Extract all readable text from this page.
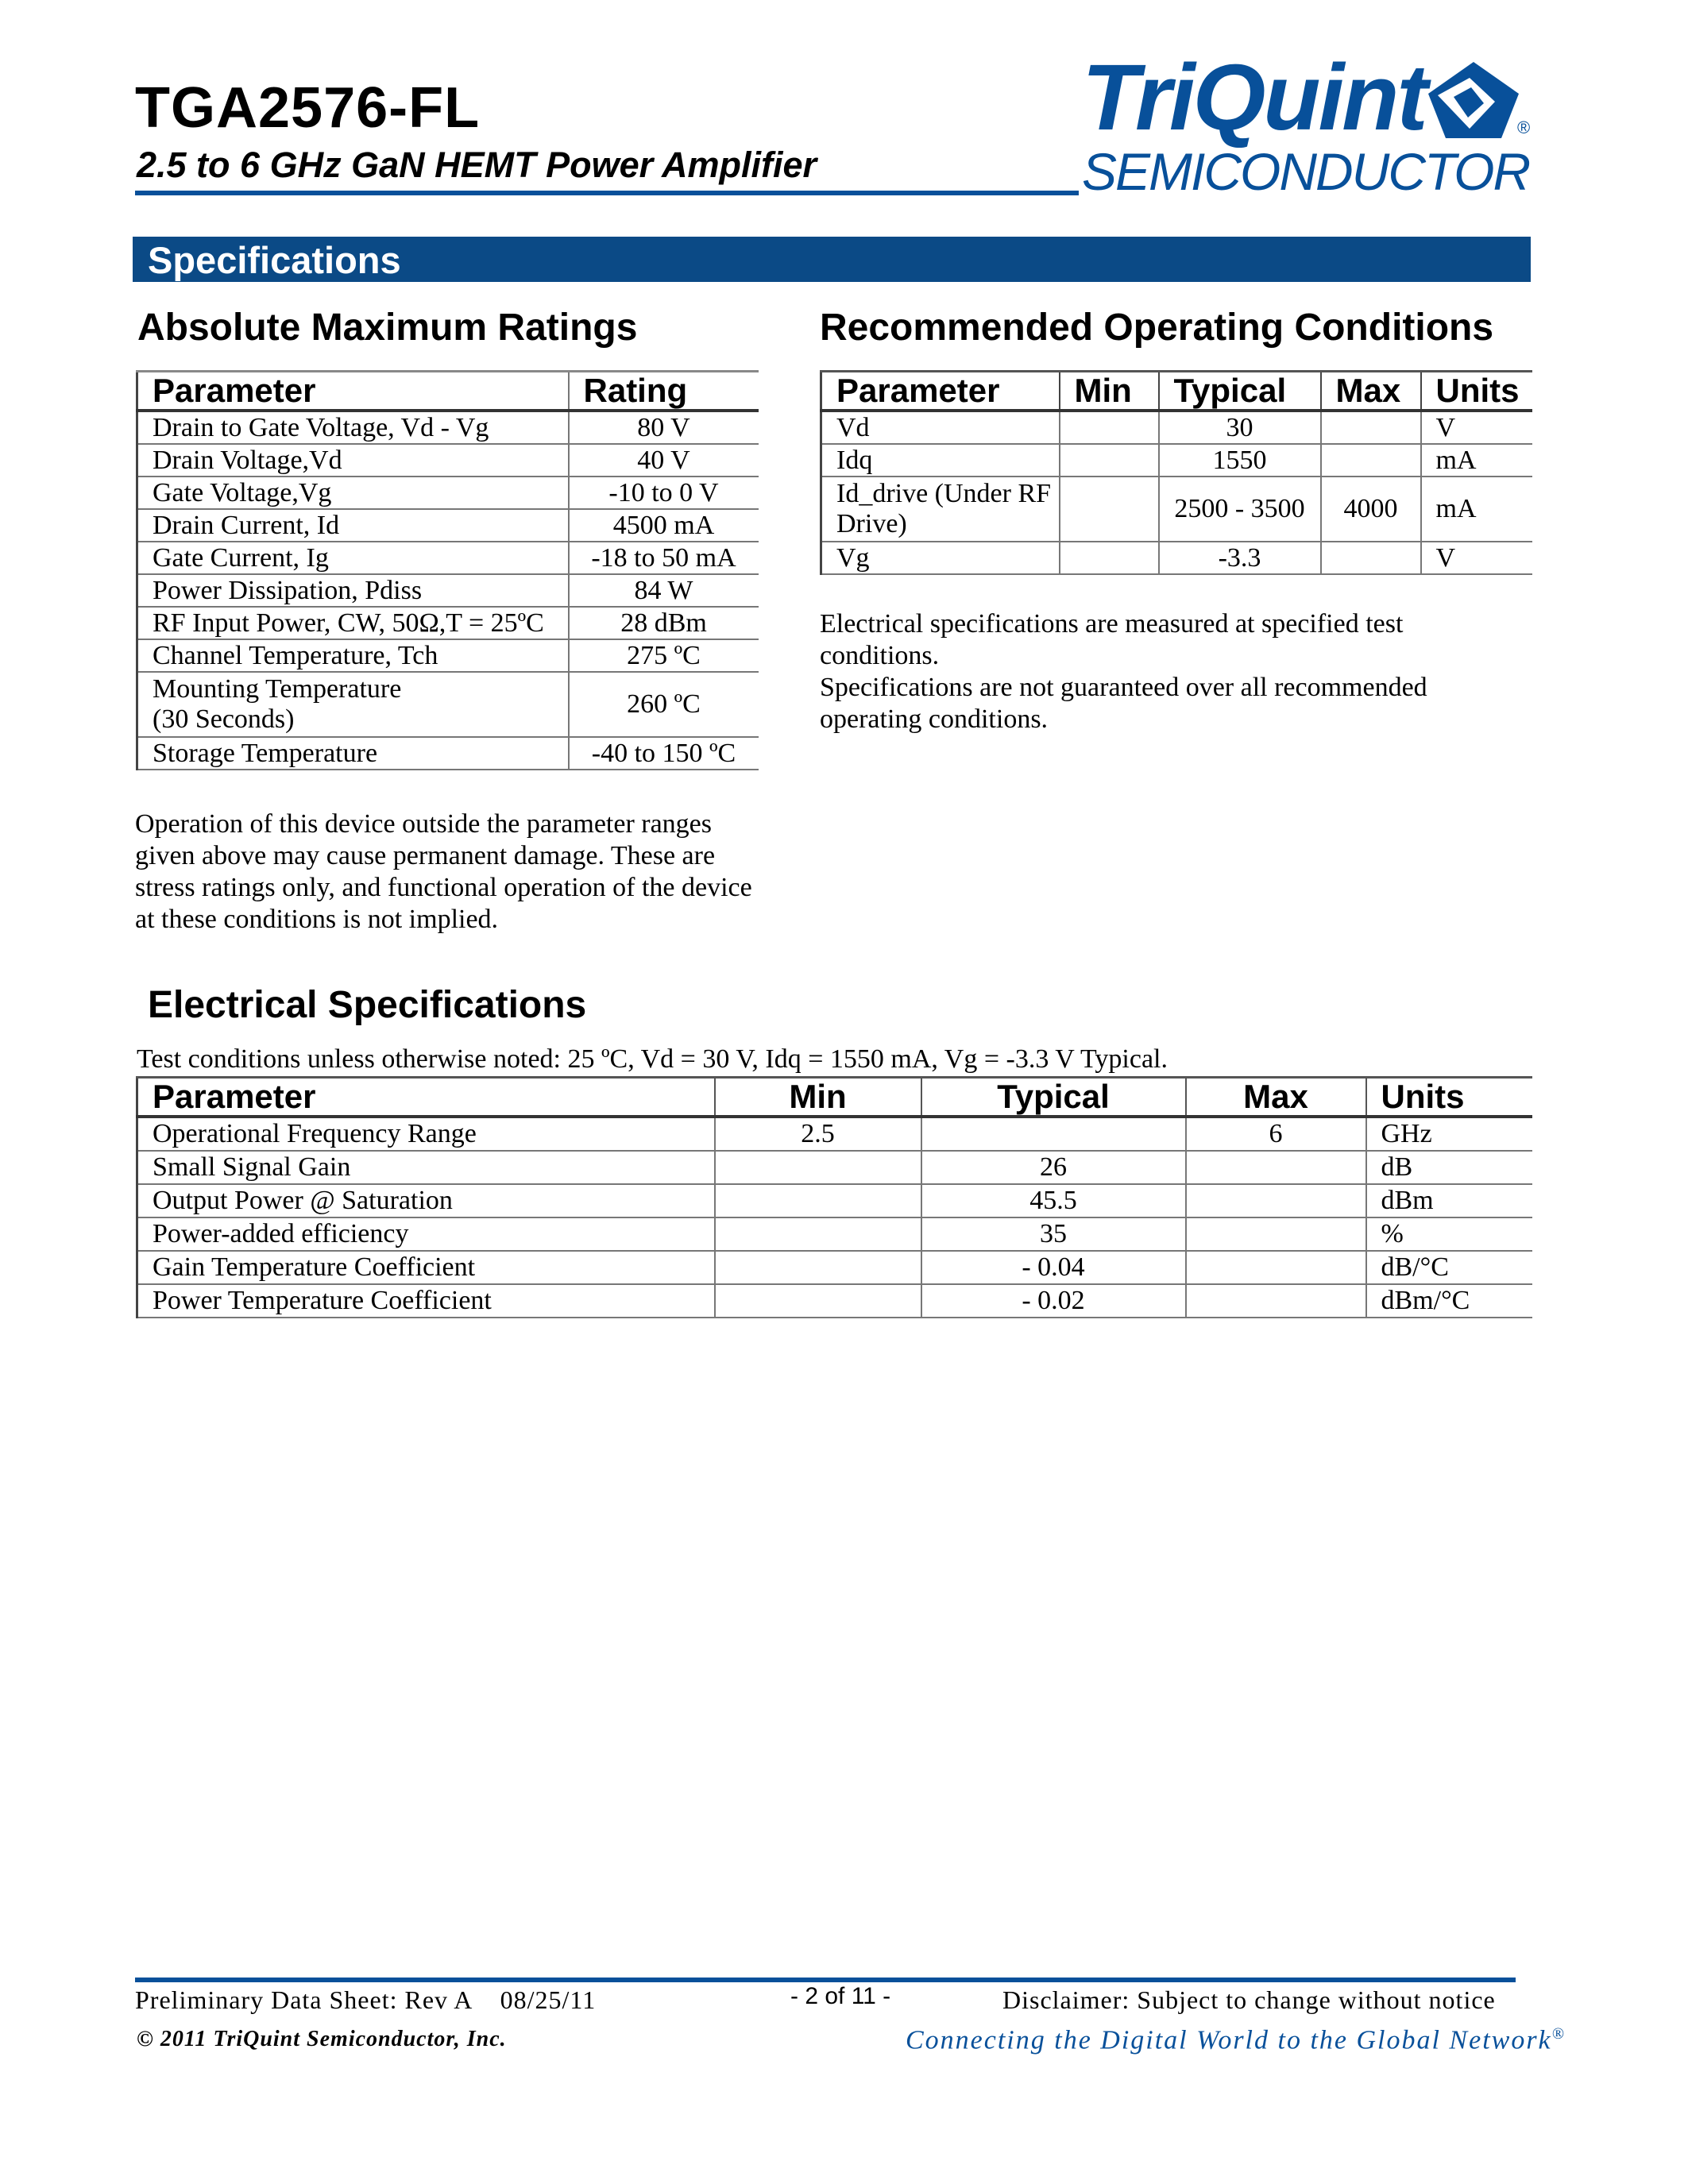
TGA2576-FL
2.5 to 6 GHz GaN HEMT Power Amplifier
TriQuint	®
SEMICONDUCTOR
Specifications
Absolute Maximum Ratings
Parameter	Rating
Drain to Gate Voltage, Vd - Vg	80 V
Drain Voltage,Vd	40 V
Gate Voltage,Vg	-10 to 0 V
Drain Current, Id	4500 mA
Gate Current, Ig	-18 to 50 mA
Power Dissipation, Pdiss	84 W
RF Input Power, CW, 50Ω,T = 25ºC	28 dBm
Channel Temperature, Tch	275 ºC

Mounting Temperature
(30 Seconds)	260 ºC
Storage Temperature	-40 to 150 ºC
Operation of this device outside the parameter ranges given above may cause permanent damage. These are stress ratings only, and functional operation of the device at these conditions is not implied.
Recommended Operating Conditions
Parameter	Min	Typical	Max	Units
Vd		30		V
Idq		1550		mA

Id_drive (Under RF
Drive)		2500 - 3500	4000	mA
Vg		-3.3		V
Electrical specifications are measured at specified test conditions.
Specifications are not guaranteed over all recommended operating conditions.
Electrical Specifications
Test conditions unless otherwise noted: 25 ºC, Vd = 30 V, Idq = 1550 mA, Vg = -3.3 V Typical.
Parameter	Min	Typical	Max	Units
Operational Frequency Range	2.5		6	GHz
Small Signal Gain		26		dB
Output Power @ Saturation		45.5		dBm
Power-added efficiency		35		%
Gain Temperature Coefficient		- 0.04		dB/°C
Power Temperature Coefficient		- 0.02		dBm/°C
Preliminary Data Sheet: Rev A    08/25/11	- 2 of 11 -	Disclaimer: Subject to change without notice
© 2011 TriQuint Semiconductor, Inc.	Connecting the Digital World to the Global Network®
